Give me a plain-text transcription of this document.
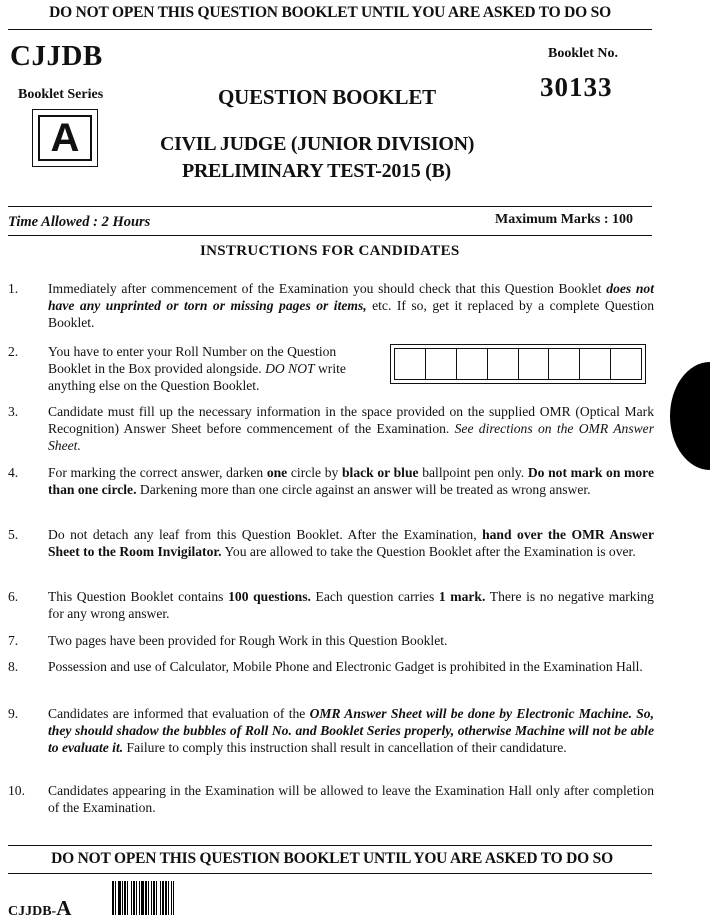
DO NOT OPEN THIS QUESTION BOOKLET UNTIL YOU ARE ASKED TO DO SO
CJJDB	Booklet No.
30133
Booklet Series
A
QUESTION BOOKLET
CIVIL JUDGE (JUNIOR DIVISION)
PRELIMINARY TEST-2015 (B)
Time Allowed : 2 Hours	Maximum Marks : 100
INSTRUCTIONS FOR CANDIDATES
1.	Immediately after commencement of the Examination you should check that this Question Booklet does not have any unprinted or torn or missing pages or items, etc. If so, get it replaced by a complete Question Booklet.
2.	You have to enter your Roll Number on the Question Booklet in the Box provided alongside. DO NOT write anything else on the Question Booklet.
3.	Candidate must fill up the necessary information in the space provided on the supplied OMR (Optical Mark Recognition) Answer Sheet before commencement of the Examination. See directions on the OMR Answer Sheet.
4.	For marking the correct answer, darken one circle by black or blue ballpoint pen only. Do not mark on more than one circle. Darkening more than one circle against an answer will be treated as wrong answer.
5.	Do not detach any leaf from this Question Booklet. After the Examination, hand over the OMR Answer Sheet to the Room Invigilator. You are allowed to take the Question Booklet after the Examination is over.
6.	This Question Booklet contains 100 questions. Each question carries 1 mark. There is no negative marking for any wrong answer.
7.	Two pages have been provided for Rough Work in this Question Booklet.
8.	Possession and use of Calculator, Mobile Phone and Electronic Gadget is prohibited in the Examination Hall.
9.	Candidates are informed that evaluation of the OMR Answer Sheet will be done by Electronic Machine. So, they should shadow the bubbles of Roll No. and Booklet Series properly, otherwise Machine will not be able to evaluate it. Failure to comply this instruction shall result in cancellation of their candidature.
10.	Candidates appearing in the Examination will be allowed to leave the Examination Hall only after completion of the Examination.
DO NOT OPEN THIS QUESTION BOOKLET UNTIL YOU ARE ASKED TO DO SO
CJJDB-A
